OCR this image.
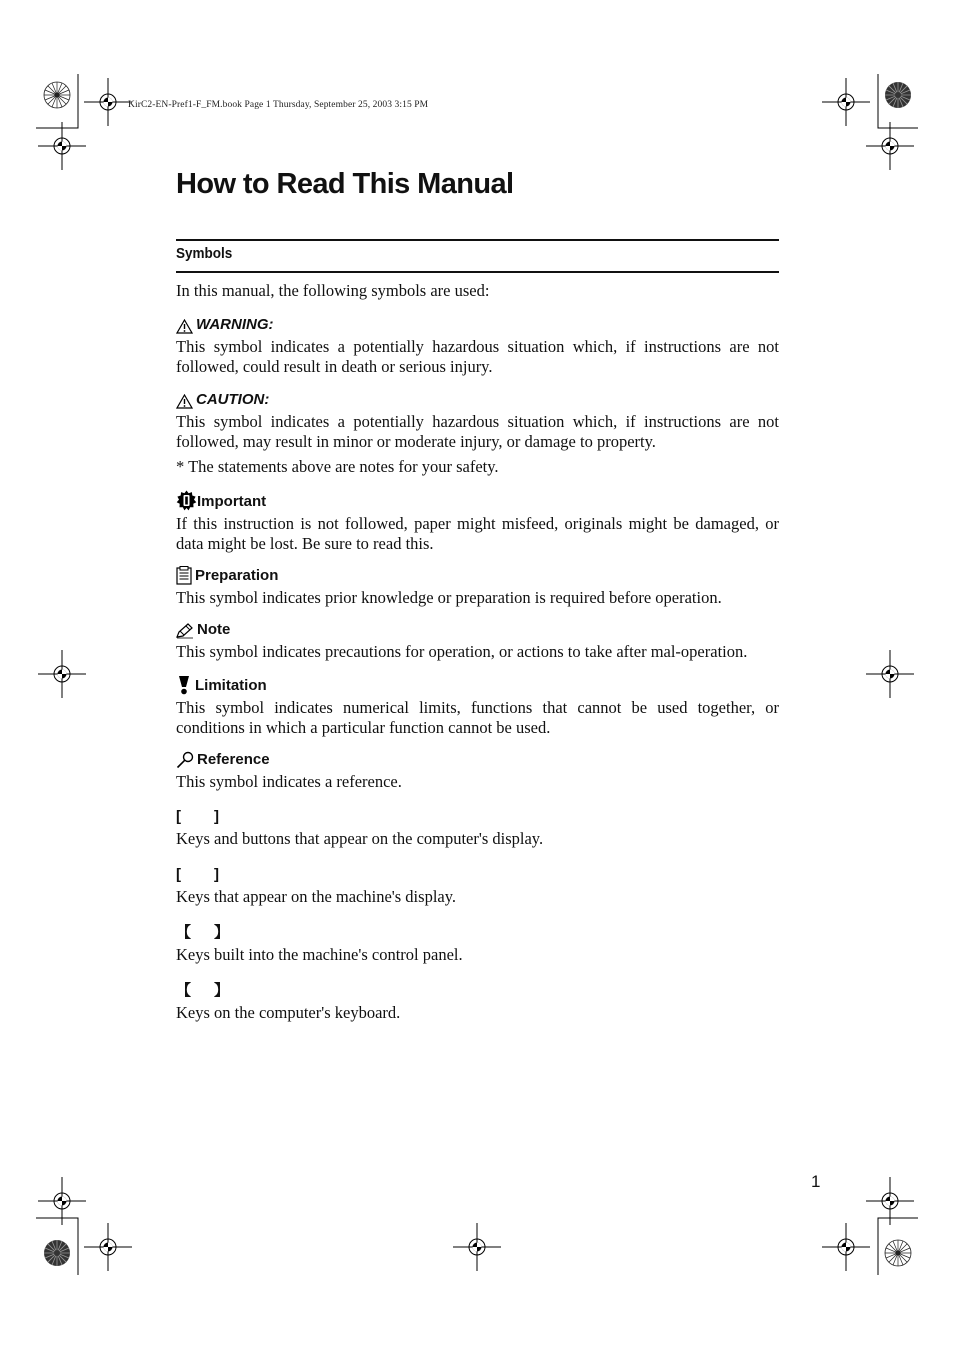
KirC2-EN-Pref1-F_FM.book Page 1 Thursday, September 25, 2003 3:15 PM
How to Read This Manual
Symbols

In this manual, the following symbols are used:

WARNING:

This symbol indicates a potentially hazardous situation which, if instructions are not followed, could result in death or serious injury.

CAUTION:

This symbol indicates a potentially hazardous situation which, if instructions are not followed, may result in minor or moderate injury, or damage to property.

* The statements above are notes for your safety.

Important

If this instruction is not followed, paper might misfeed, originals might be damaged, or data might be lost. Be sure to read this.

Preparation

This symbol indicates prior knowledge or preparation is required before operation.

Note

This symbol indicates precautions for operation, or actions to take after mal-operation.

Limitation

This symbol indicates numerical limits, functions that cannot be used together, or conditions in which a particular function cannot be used.

Reference

This symbol indicates a reference.

[	]

Keys and buttons that appear on the computer's display.

[	]

Keys that appear on the machine's display.

【	】

Keys built into the machine's control panel.

【	】

Keys on the computer's keyboard.

1
